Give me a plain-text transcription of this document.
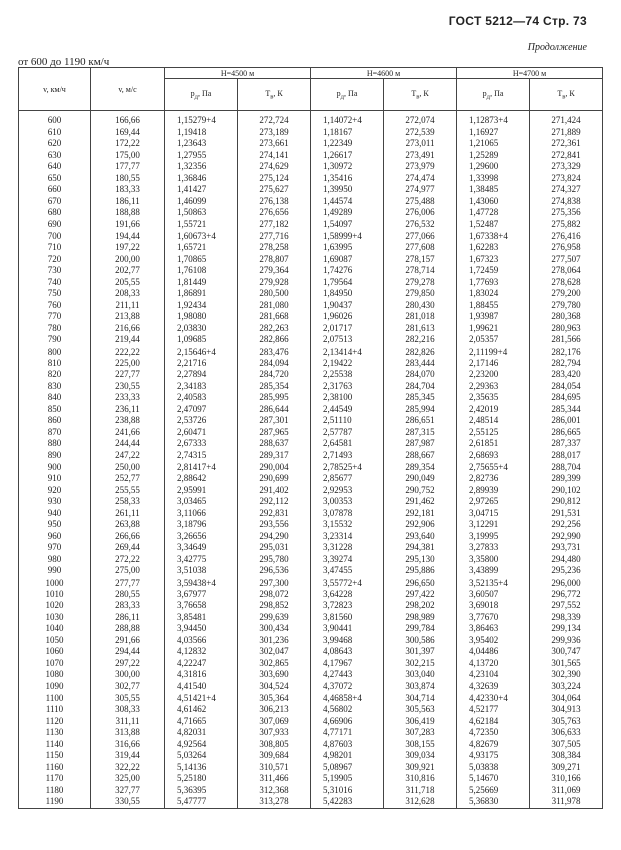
ГОСТ 5212—74 Стр. 73
Продолжение
от 600 до 1190 км/ч
v, км/ч	v, м/с	H=4500 м		H=4600 м		H=4700 м	
		$p_д$, Па	$T_в$, К	$p_д$, Па	$T_в$, К	$p_д$, Па	$T_в$, К
600	166,66	1,15279+4	272,724	1,14072+4	272,074	1,12873+4	271,424
610	169,44	1,19418	273,189	1,18167	272,539	1,16927	271,889
620	172,22	1,23643	273,661	1,22349	273,011	1,21065	272,361
630	175,00	1,27955	274,141	1,26617	273,491	1,25289	272,841
640	177,77	1,32356	274,629	1,30972	273,979	1,29600	273,329
650	180,55	1,36846	275,124	1,35416	274,474	1,33998	273,824
660	183,33	1,41427	275,627	1,39950	274,977	1,38485	274,327
670	186,11	1,46099	276,138	1,44574	275,488	1,43060	274,838
680	188,88	1,50863	276,656	1,49289	276,006	1,47728	275,356
690	191,66	1,55721	277,182	1,54097	276,532	1,52487	275,882
700	194,44	1,60673+4	277,716	1,58999+4	277,066	1,67338+4	276,416
710	197,22	1,65721	278,258	1,63995	277,608	1,62283	276,958
720	200,00	1,70865	278,807	1,69087	278,157	1,67323	277,507
730	202,77	1,76108	279,364	1,74276	278,714	1,72459	278,064
740	205,55	1,81449	279,928	1,79564	279,278	1,77693	278,628
750	208,33	1,86891	280,500	1,84950	279,850	1,83024	279,200
760	211,11	1,92434	281,080	1,90437	280,430	1,88455	279,780
770	213,88	1,98080	281,668	1,96026	281,018	1,93987	280,368
780	216,66	2,03830	282,263	2,01717	281,613	1,99621	280,963
790	219,44	1,09685	282,866	2,07513	282,216	2,05357	281,566
800	222,22	2,15646+4	283,476	2,13414+4	282,826	2,11199+4	282,176
810	225,00	2,21716	284,094	2,19422	283,444	2,17146	282,794
820	227,77	2,27894	284,720	2,25538	284,070	2,23200	283,420
830	230,55	2,34183	285,354	2,31763	284,704	2,29363	284,054
840	233,33	2,40583	285,995	2,38100	285,345	2,35635	284,695
850	236,11	2,47097	286,644	2,44549	285,994	2,42019	285,344
860	238,88	2,53726	287,301	2,51110	286,651	2,48514	286,001
870	241,66	2,60471	287,965	2,57787	287,315	2,55125	286,665
880	244,44	2,67333	288,637	2,64581	287,987	2,61851	287,337
890	247,22	2,74315	289,317	2,71493	288,667	2,68693	288,017
900	250,00	2,81417+4	290,004	2,78525+4	289,354	2,75655+4	288,704
910	252,77	2,88642	290,699	2,85677	290,049	2,82736	289,399
920	255,55	2,95991	291,402	2,92953	290,752	2,89939	290,102
930	258,33	3,03465	292,112	3,00353	291,462	2,97265	290,812
940	261,11	3,11066	292,831	3,07878	292,181	3,04715	291,531
950	263,88	3,18796	293,556	3,15532	292,906	3,12291	292,256
960	266,66	3,26656	294,290	3,23314	293,640	3,19995	292,990
970	269,44	3,34649	295,031	3,31228	294,381	3,27833	293,731
980	272,22	3,42775	295,780	3,39274	295,130	3,35800	294,480
990	275,00	3,51038	296,536	3,47455	295,886	3,43899	295,236
1000	277,77	3,59438+4	297,300	3,55772+4	296,650	3,52135+4	296,000
1010	280,55	3,67977	298,072	3,64228	297,422	3,60507	296,772
1020	283,33	3,76658	298,852	3,72823	298,202	3,69018	297,552
1030	286,11	3,85481	299,639	3,81560	298,989	3,77670	298,339
1040	288,88	3,94450	300,434	3,90441	299,784	3,86463	299,134
1050	291,66	4,03566	301,236	3,99468	300,586	3,95402	299,936
1060	294,44	4,12832	302,047	4,08643	301,397	4,04486	300,747
1070	297,22	4,22247	302,865	4,17967	302,215	4,13720	301,565
1080	300,00	4,31816	303,690	4,27443	303,040	4,23104	302,390
1090	302,77	4,41540	304,524	4,37072	303,874	4,32639	303,224
1100	305,55	4,51421+4	305,364	4,46858+4	304,714	4,42330+4	304,064
1110	308,33	4,61462	306,213	4,56802	305,563	4,52177	304,913
1120	311,11	4,71665	307,069	4,66906	306,419	4,62184	305,763
1130	313,88	4,82031	307,933	4,77171	307,283	4,72350	306,633
1140	316,66	4,92564	308,805	4,87603	308,155	4,82679	307,505
1150	319,44	5,03264	309,684	4,98201	309,034	4,93175	308,384
1160	322,22	5,14136	310,571	5,08967	309,921	5,03838	309,271
1170	325,00	5,25180	311,466	5,19905	310,816	5,14670	310,166
1180	327,77	5,36395	312,368	5,31016	311,718	5,25669	311,069
1190	330,55	5,47777	313,278	5,42283	312,628	5,36830	311,978
